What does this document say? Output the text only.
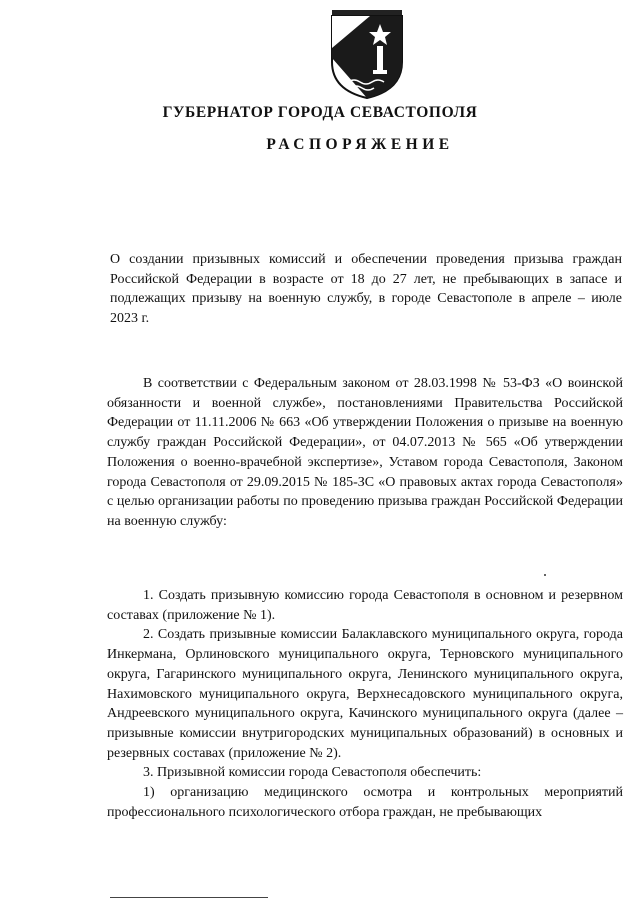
ГУБЕРНАТОР ГОРОДА СЕВАСТОПОЛЯ
РАСПОРЯЖЕНИЕ
О создании призывных комиссий и обеспечении проведения призыва граждан Российской Федерации в возрасте от 18 до 27 лет, не пребывающих в запасе и подлежащих призыву на военную службу, в городе Севастополе в апреле – июле 2023 г.

В соответствии с Федеральным законом от 28.03.1998 № 53-ФЗ «О воинской обязанности и военной службе», постановлениями Правительства Российской Федерации от 11.11.2006 № 663 «Об утверждении Положения о призыве на военную службу граждан Российской Федерации», от 04.07.2013 № 565 «Об утверждении Положения о военно-врачебной экспертизе», Уставом города Севастополя, Законом города Севастополя от 29.09.2015 № 185-ЗС «О правовых актах города Севастополя» с целью организации работы по проведению призыва граждан Российской Федерации на военную службу:

1. Создать призывную комиссию города Севастополя в основном и резервном составах (приложение № 1).

2. Создать призывные комиссии Балаклавского муниципального округа, города Инкермана, Орлиновского муниципального округа, Терновского муниципального округа, Гагаринского муниципального округа, Ленинского муниципального округа, Нахимовского муниципального округа, Верхнесадовского муниципального округа, Андреевского муниципального округа, Качинского муниципального округа (далее – призывные комиссии внутригородских муниципальных образований) в основных и резервных составах (приложение № 2).

3. Призывной комиссии города Севастополя обеспечить:

1) организацию медицинского осмотра и контрольных мероприятий профессионального психологического отбора граждан, не пребывающих
